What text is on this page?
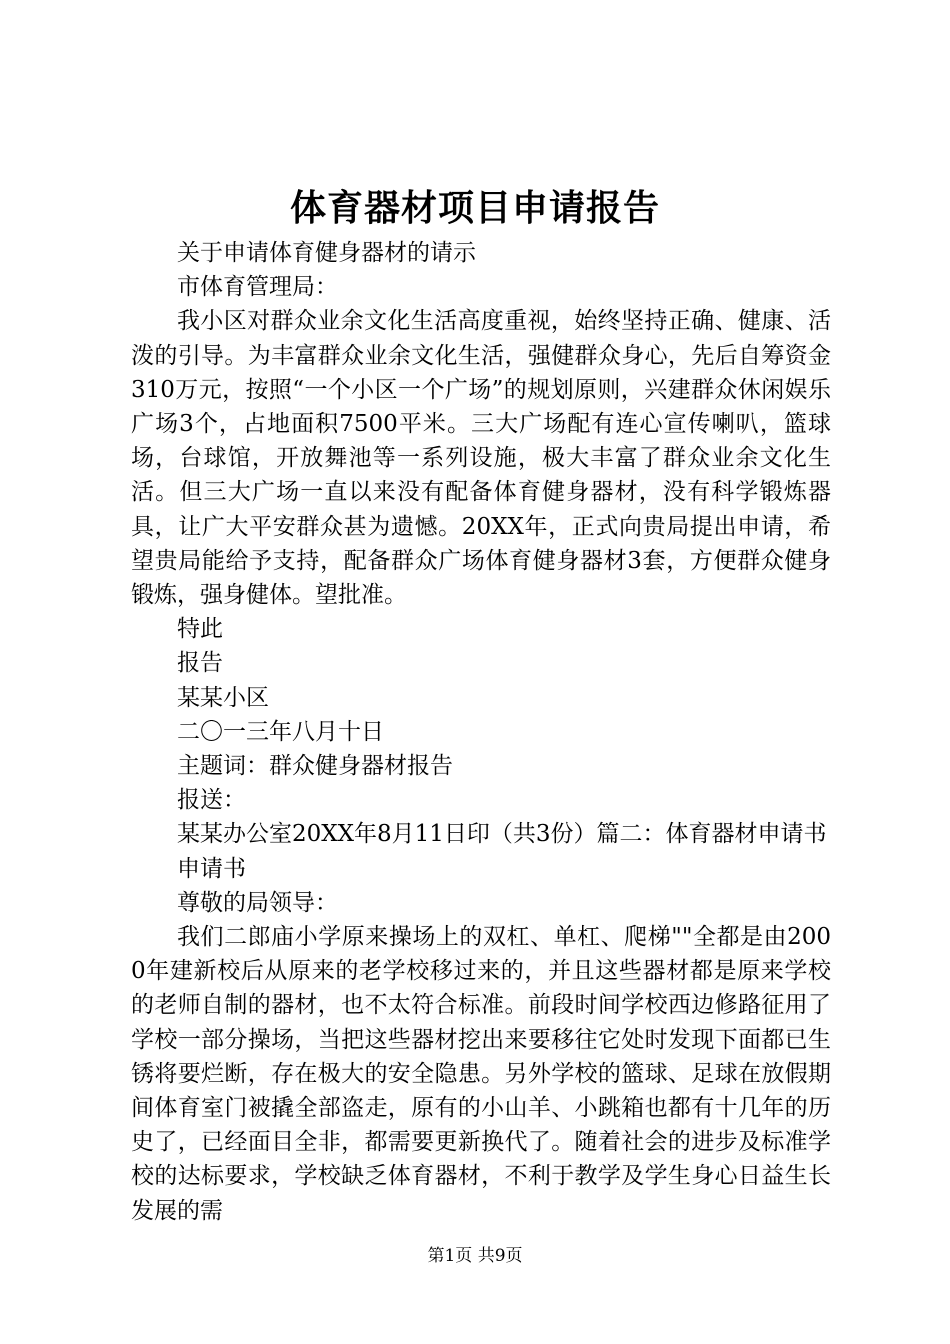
体育器材项目申请报告

关于申请体育健身器材的请示

市体育管理局：

我小区对群众业余文化生活高度重视，始终坚持正确、健康、活泼的引导。为丰富群众业余文化生活，强健群众身心，先后自筹资金310万元，按照“一个小区一个广场”的规划原则，兴建群众休闲娱乐广场3个，占地面积7500平米。三大广场配有连心宣传喇叭，篮球场，台球馆，开放舞池等一系列设施，极大丰富了群众业余文化生活。但三大广场一直以来没有配备体育健身器材，没有科学锻炼器具，让广大平安群众甚为遗憾。20XX年，正式向贵局提出申请，希望贵局能给予支持，配备群众广场体育健身器材3套，方便群众健身锻炼，强身健体。望批准。

特此

报告

某某小区

二〇一三年八月十日

主题词：群众健身器材报告

报送：

某某办公室20XX年8月11日印（共3份）篇二：体育器材申请书

申请书

尊敬的局领导：

我们二郎庙小学原来操场上的双杠、单杠、爬梯""全都是由2000年建新校后从原来的老学校移过来的，并且这些器材都是原来学校的老师自制的器材，也不太符合标准。前段时间学校西边修路征用了学校一部分操场，当把这些器材挖出来要移往它处时发现下面都已生锈将要烂断，存在极大的安全隐患。另外学校的篮球、足球在放假期间体育室门被撬全部盗走，原有的小山羊、小跳箱也都有十几年的历史了，已经面目全非，都需要更新换代了。随着社会的进步及标准学校的达标要求，学校缺乏体育器材，不利于教学及学生身心日益生长发展的需

第1页 共9页
